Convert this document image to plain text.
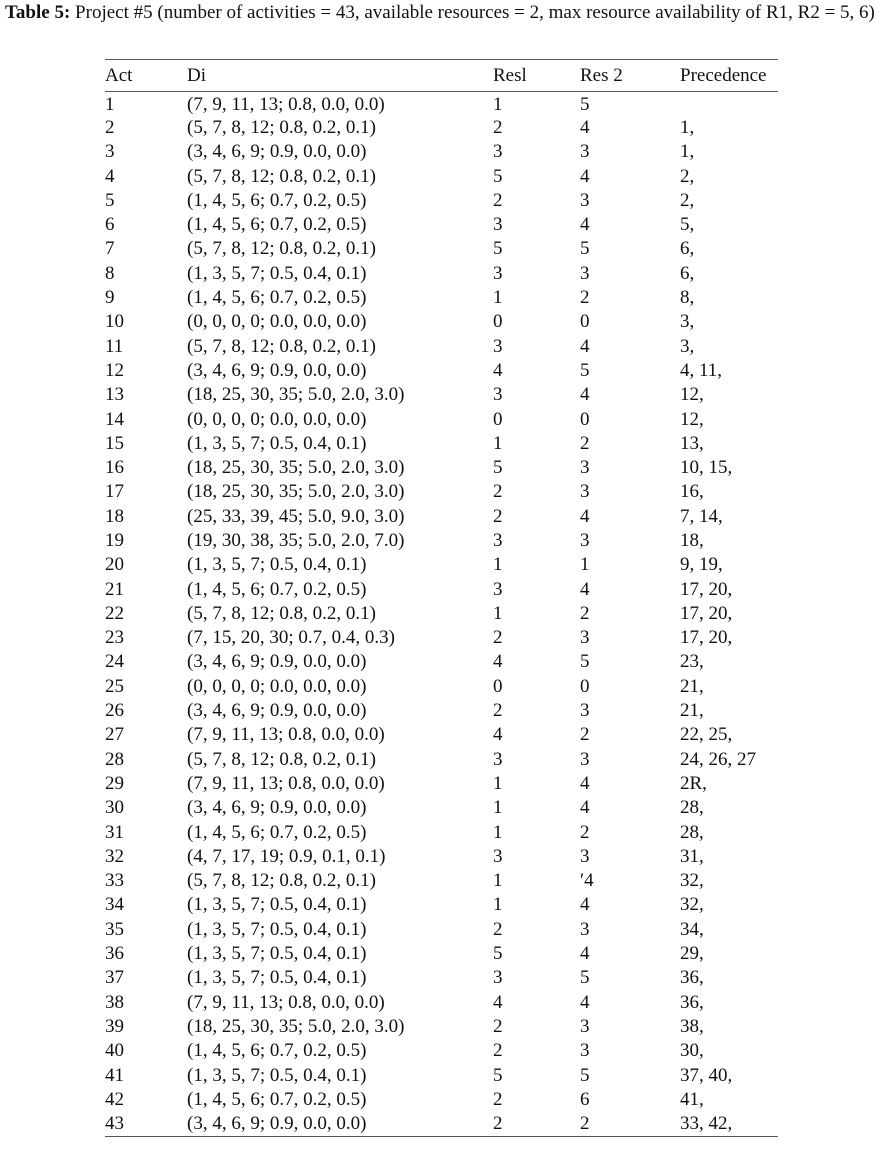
Table 5: Project #5 (number of activities = 43, available resources = 2, max resource availability of R1, R2 = 5, 6)
Act	Di	Resl	Res 2	Precedence
1	(7, 9, 11, 13; 0.8, 0.0, 0.0)	1	5	
2	(5, 7, 8, 12; 0.8, 0.2, 0.1)	2	4	1,
3	(3, 4, 6, 9; 0.9, 0.0, 0.0)	3	3	1,
4	(5, 7, 8, 12; 0.8, 0.2, 0.1)	5	4	2,
5	(1, 4, 5, 6; 0.7, 0.2, 0.5)	2	3	2,
6	(1, 4, 5, 6; 0.7, 0.2, 0.5)	3	4	5,
7	(5, 7, 8, 12; 0.8, 0.2, 0.1)	5	5	6,
8	(1, 3, 5, 7; 0.5, 0.4, 0.1)	3	3	6,
9	(1, 4, 5, 6; 0.7, 0.2, 0.5)	1	2	8,
10	(0, 0, 0, 0; 0.0, 0.0, 0.0)	0	0	3,
11	(5, 7, 8, 12; 0.8, 0.2, 0.1)	3	4	3,
12	(3, 4, 6, 9; 0.9, 0.0, 0.0)	4	5	4, 11,
13	(18, 25, 30, 35; 5.0, 2.0, 3.0)	3	4	12,
14	(0, 0, 0, 0; 0.0, 0.0, 0.0)	0	0	12,
15	(1, 3, 5, 7; 0.5, 0.4, 0.1)	1	2	13,
16	(18, 25, 30, 35; 5.0, 2.0, 3.0)	5	3	10, 15,
17	(18, 25, 30, 35; 5.0, 2.0, 3.0)	2	3	16,
18	(25, 33, 39, 45; 5.0, 9.0, 3.0)	2	4	7, 14,
19	(19, 30, 38, 35; 5.0, 2.0, 7.0)	3	3	18,
20	(1, 3, 5, 7; 0.5, 0.4, 0.1)	1	1	9, 19,
21	(1, 4, 5, 6; 0.7, 0.2, 0.5)	3	4	17, 20,
22	(5, 7, 8, 12; 0.8, 0.2, 0.1)	1	2	17, 20,
23	(7, 15, 20, 30; 0.7, 0.4, 0.3)	2	3	17, 20,
24	(3, 4, 6, 9; 0.9, 0.0, 0.0)	4	5	23,
25	(0, 0, 0, 0; 0.0, 0.0, 0.0)	0	0	21,
26	(3, 4, 6, 9; 0.9, 0.0, 0.0)	2	3	21,
27	(7, 9, 11, 13; 0.8, 0.0, 0.0)	4	2	22, 25,
28	(5, 7, 8, 12; 0.8, 0.2, 0.1)	3	3	24, 26, 27
29	(7, 9, 11, 13; 0.8, 0.0, 0.0)	1	4	2R,
30	(3, 4, 6, 9; 0.9, 0.0, 0.0)	1	4	28,
31	(1, 4, 5, 6; 0.7, 0.2, 0.5)	1	2	28,
32	(4, 7, 17, 19; 0.9, 0.1, 0.1)	3	3	31,
33	(5, 7, 8, 12; 0.8, 0.2, 0.1)	1	′4	32,
34	(1, 3, 5, 7; 0.5, 0.4, 0.1)	1	4	32,
35	(1, 3, 5, 7; 0.5, 0.4, 0.1)	2	3	34,
36	(1, 3, 5, 7; 0.5, 0.4, 0.1)	5	4	29,
37	(1, 3, 5, 7; 0.5, 0.4, 0.1)	3	5	36,
38	(7, 9, 11, 13; 0.8, 0.0, 0.0)	4	4	36,
39	(18, 25, 30, 35; 5.0, 2.0, 3.0)	2	3	38,
40	(1, 4, 5, 6; 0.7, 0.2, 0.5)	2	3	30,
41	(1, 3, 5, 7; 0.5, 0.4, 0.1)	5	5	37, 40,
42	(1, 4, 5, 6; 0.7, 0.2, 0.5)	2	6	41,
43	(3, 4, 6, 9; 0.9, 0.0, 0.0)	2	2	33, 42,
